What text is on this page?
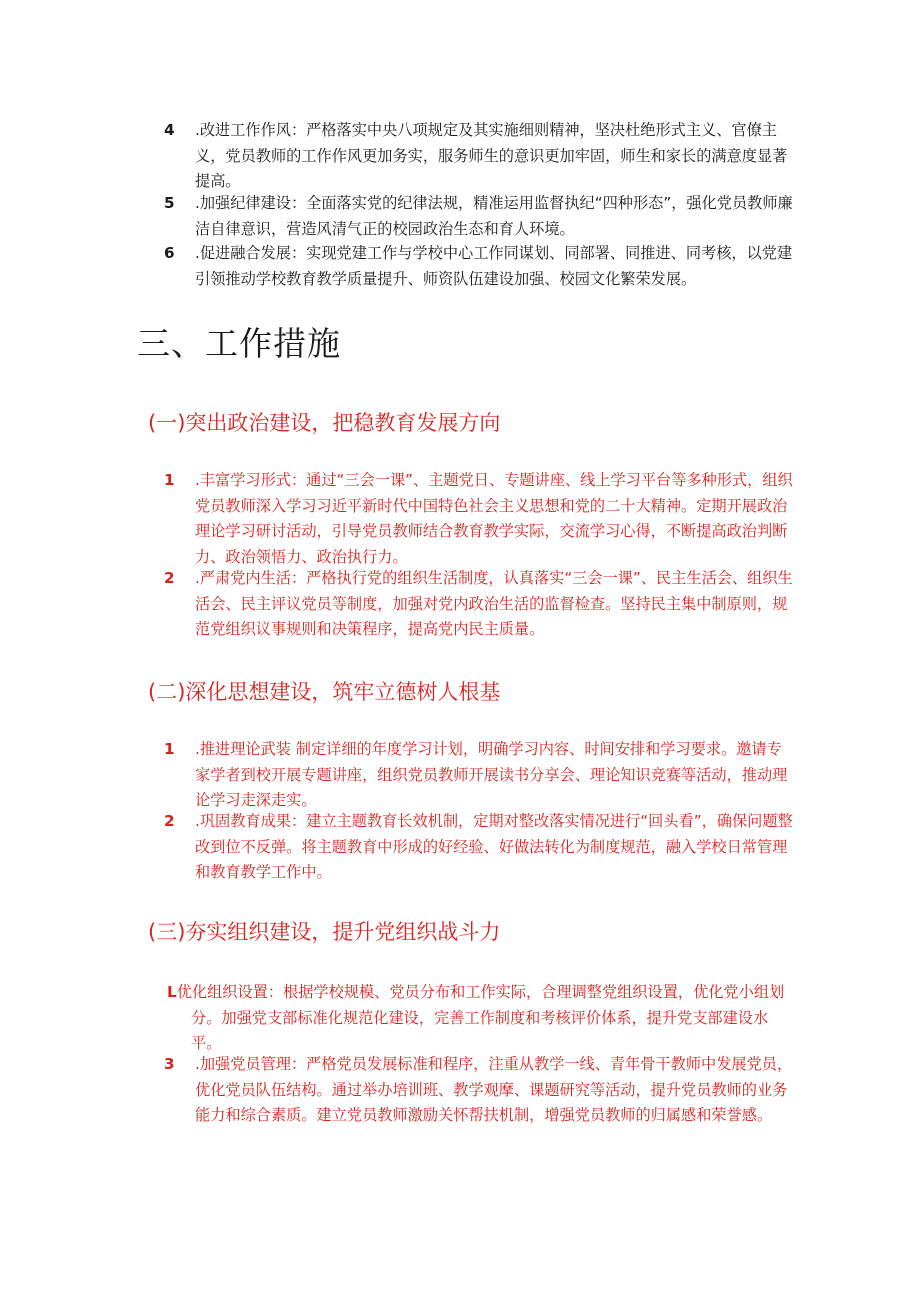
4	.改进工作作风：严格落实中央八项规定及其实施细则精神，坚决杜绝形式主义、官僚主义，党员教师的工作作风更加务实，服务师生的意识更加牢固，师生和家长的满意度显著提高。
5	.加强纪律建设：全面落实党的纪律法规，精准运用监督执纪“四种形态”，强化党员教师廉洁自律意识，营造风清气正的校园政治生态和育人环境。
6	.促进融合发展：实现党建工作与学校中心工作同谋划、同部署、同推进、同考核，以党建引领推动学校教育教学质量提升、师资队伍建设加强、校园文化繁荣发展。
三、工作措施
(一)突出政治建设，把稳教育发展方向
1	.丰富学习形式：通过“三会一课”、主题党日、专题讲座、线上学习平台等多种形式，组织党员教师深入学习习近平新时代中国特色社会主义思想和党的二十大精神。定期开展政治理论学习研讨活动，引导党员教师结合教育教学实际，交流学习心得，不断提高政治判断力、政治领悟力、政治执行力。
2	.严肃党内生活：严格执行党的组织生活制度，认真落实“三会一课”、民主生活会、组织生活会、民主评议党员等制度，加强对党内政治生活的监督检查。坚持民主集中制原则，规范党组织议事规则和决策程序，提高党内民主质量。
(二)深化思想建设，筑牢立德树人根基
1	.推进理论武装 制定详细的年度学习计划，明确学习内容、时间安排和学习要求。邀请专家学者到校开展专题讲座，组织党员教师开展读书分享会、理论知识竞赛等活动，推动理论学习走深走实。
2	.巩固教育成果：建立主题教育长效机制，定期对整改落实情况进行“回头看”，确保问题整改到位不反弹。将主题教育中形成的好经验、好做法转化为制度规范，融入学校日常管理和教育教学工作中。
(三)夯实组织建设，提升党组织战斗力
L优化组织设置：根据学校规模、党员分布和工作实际，合理调整党组织设置，优化党小组划分。加强党支部标准化规范化建设，完善工作制度和考核评价体系，提升党支部建设水平。
3	.加强党员管理：严格党员发展标准和程序，注重从教学一线、青年骨干教师中发展党员，优化党员队伍结构。通过举办培训班、教学观摩、课题研究等活动，提升党员教师的业务能力和综合素质。建立党员教师激励关怀帮扶机制，增强党员教师的归属感和荣誉感。
